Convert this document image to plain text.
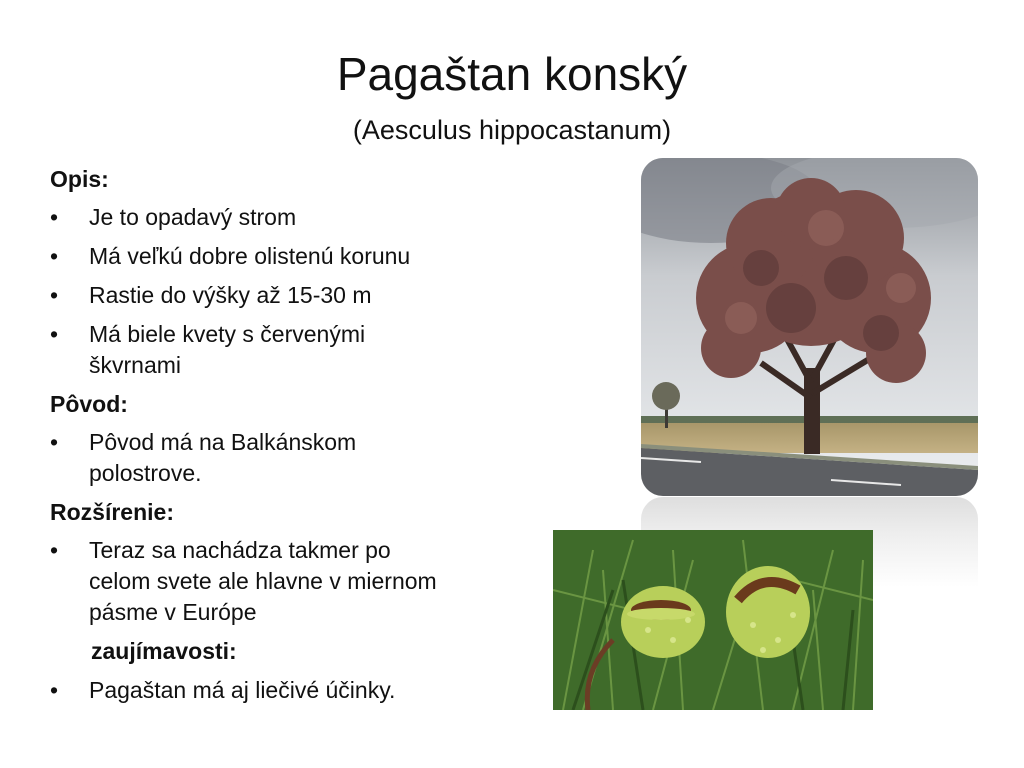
Pagaštan konský
(Aesculus hippocastanum)
Opis:
• Je to opadavý strom
• Má veľkú dobre olistenú korunu
• Rastie do výšky až 15-30 m
• Má biele kvety s červenými škvrnami
Pôvod:
• Pôvod má na Balkánskom polostrove.
Rozšírenie:
• Teraz sa nachádza takmer po celom svete ale hlavne v miernom pásme v Európe
zaujímavosti:
• Pagaštan má aj liečivé účinky.
